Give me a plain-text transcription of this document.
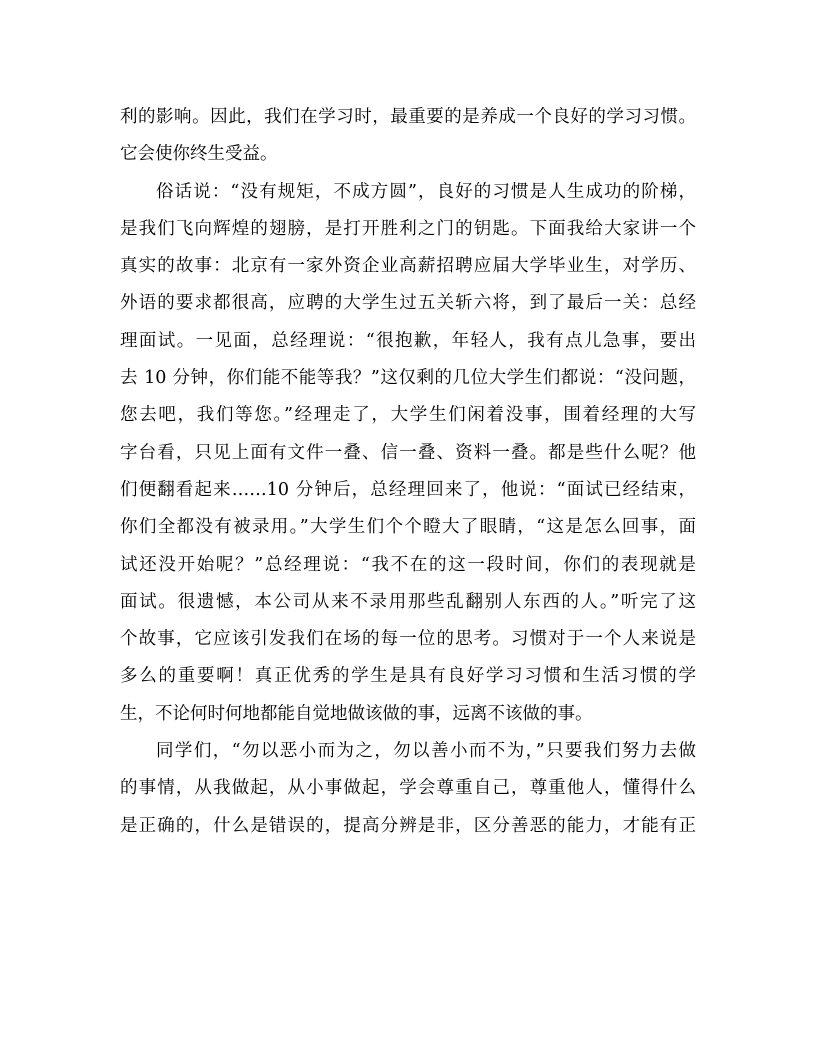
利的影响。因此，我们在学习时，最重要的是养成一个良好的学习习惯。
它会使你终生受益。
俗话说：“没有规矩，不成方圆”，良好的习惯是人生成功的阶梯，
是我们飞向辉煌的翅膀，是打开胜利之门的钥匙。下面我给大家讲一个
真实的故事：北京有一家外资企业高薪招聘应届大学毕业生，对学历、
外语的要求都很高，应聘的大学生过五关斩六将，到了最后一关：总经
理面试。一见面，总经理说：“很抱歉，年轻人，我有点儿急事，要出
去 10 分钟，你们能不能等我？”这仅剩的几位大学生们都说：“没问题，
您去吧，我们等您。”经理走了，大学生们闲着没事，围着经理的大写
字台看，只见上面有文件一叠、信一叠、资料一叠。都是些什么呢？他
们便翻看起来……10 分钟后，总经理回来了，他说：“面试已经结束，
你们全都没有被录用。”大学生们个个瞪大了眼睛，“这是怎么回事，面
试还没开始呢？”总经理说：“我不在的这一段时间，你们的表现就是
面试。很遗憾，本公司从来不录用那些乱翻别人东西的人。”听完了这
个故事，它应该引发我们在场的每一位的思考。习惯对于一个人来说是
多么的重要啊！真正优秀的学生是具有良好学习习惯和生活习惯的学
生，不论何时何地都能自觉地做该做的事，远离不该做的事。
同学们，“勿以恶小而为之，勿以善小而不为，”只要我们努力去做
的事情，从我做起，从小事做起，学会尊重自己，尊重他人，懂得什么
是正确的，什么是错误的，提高分辨是非，区分善恶的能力，才能有正
